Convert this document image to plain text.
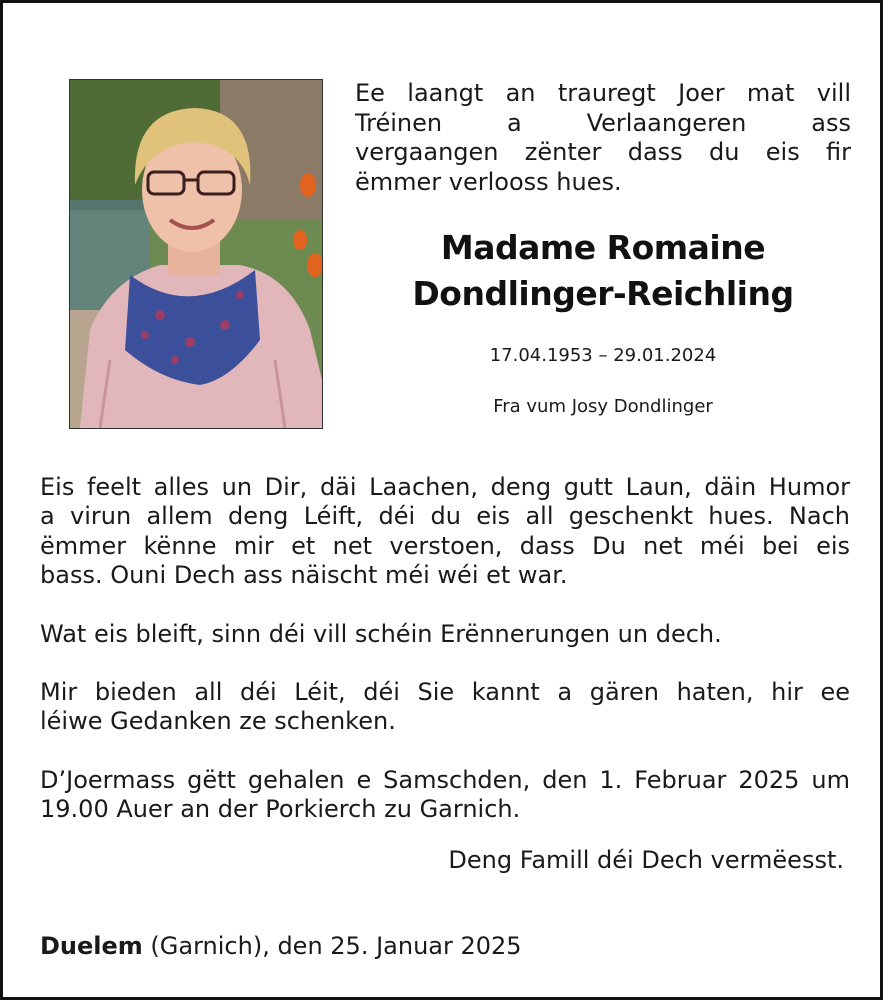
Ee laangt an trauregt Joer mat vill
Tréinen a Verlaangeren ass
vergaangen zënter dass du eis fir
ëmmer verlooss hues.

Madame Romaine
Dondlinger-Reichling
17.04.1953 – 29.01.2024
Fra vum Josy Dondlinger

Eis feelt alles un Dir, däi Laachen, deng gutt Laun, däin Humor
a virun allem deng Léift, déi du eis all geschenkt hues. Nach
ëmmer kënne mir et net verstoen, dass Du net méi bei eis
bass. Ouni Dech ass näischt méi wéi et war.

Wat eis bleift, sinn déi vill schéin Erënnerungen un dech.

Mir bieden all déi Léit, déi Sie kannt a gären haten, hir ee
léiwe Gedanken ze schenken.

D’Joermass gëtt gehalen e Samschden, den 1. Februar 2025 um
19.00 Auer an der Porkierch zu Garnich.

Deng Famill déi Dech vermëesst.
Duelem (Garnich), den 25. Januar 2025
